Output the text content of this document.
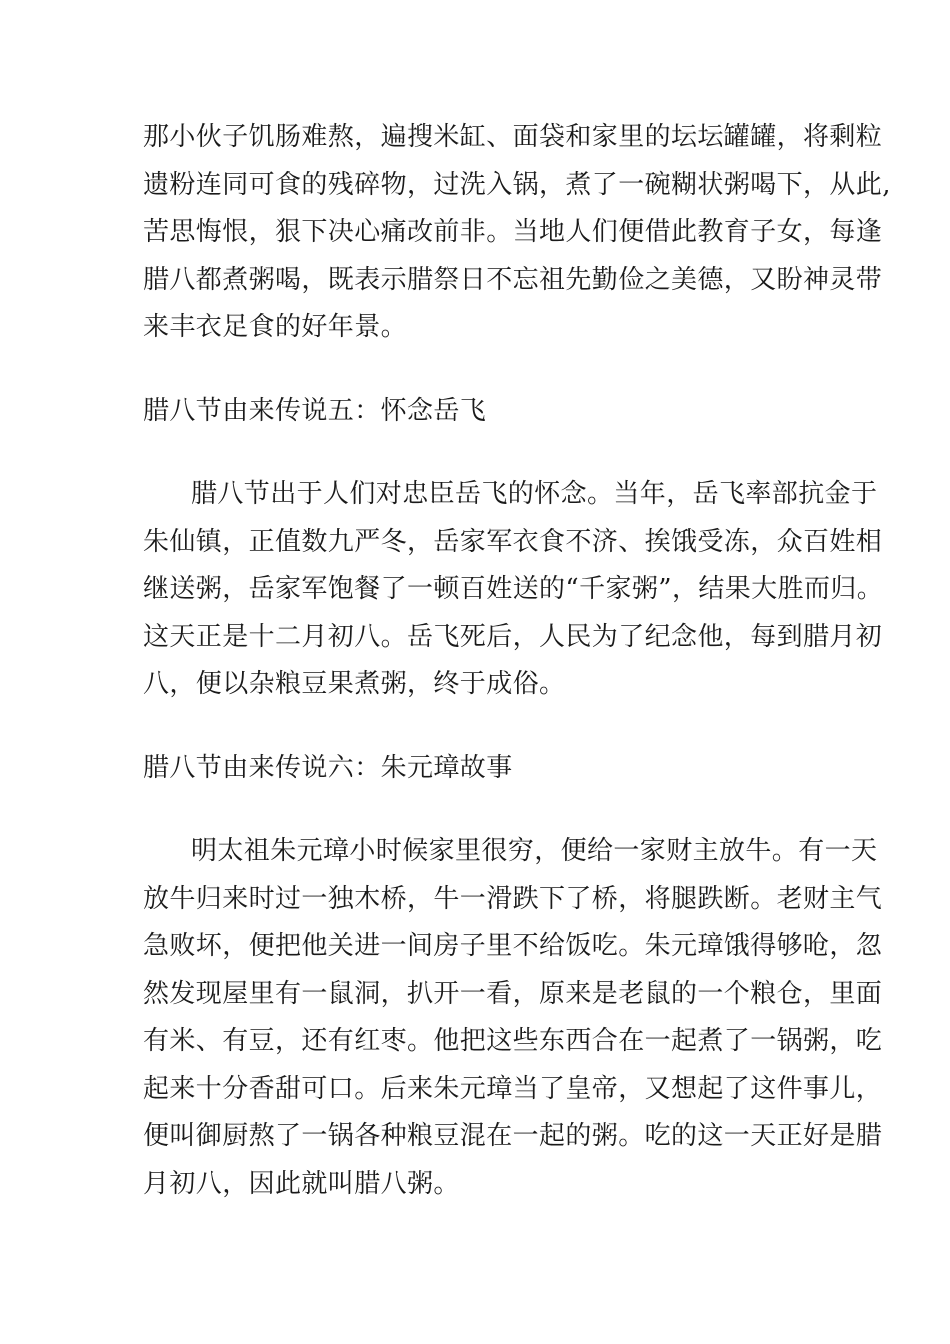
那小伙子饥肠难熬，遍搜米缸、面袋和家里的坛坛罐罐，将剩粒
遗粉连同可食的残碎物，过洗入锅，煮了一碗糊状粥喝下，从此,
苦思悔恨，狠下决心痛改前非。当地人们便借此教育子女，每逢
腊八都煮粥喝，既表示腊祭日不忘祖先勤俭之美德，又盼神灵带
来丰衣足食的好年景。

腊八节由来传说五：怀念岳飞

腊八节出于人们对忠臣岳飞的怀念。当年，岳飞率部抗金于
朱仙镇，正值数九严冬，岳家军衣食不济、挨饿受冻，众百姓相
继送粥，岳家军饱餐了一顿百姓送的“千家粥”，结果大胜而归。
这天正是十二月初八。岳飞死后，人民为了纪念他，每到腊月初
八，便以杂粮豆果煮粥，终于成俗。

腊八节由来传说六：朱元璋故事

明太祖朱元璋小时候家里很穷，便给一家财主放牛。有一天
放牛归来时过一独木桥，牛一滑跌下了桥，将腿跌断。老财主气
急败坏，便把他关进一间房子里不给饭吃。朱元璋饿得够呛，忽
然发现屋里有一鼠洞，扒开一看，原来是老鼠的一个粮仓，里面
有米、有豆，还有红枣。他把这些东西合在一起煮了一锅粥，吃
起来十分香甜可口。后来朱元璋当了皇帝，又想起了这件事儿，
便叫御厨熬了一锅各种粮豆混在一起的粥。吃的这一天正好是腊
月初八，因此就叫腊八粥。
